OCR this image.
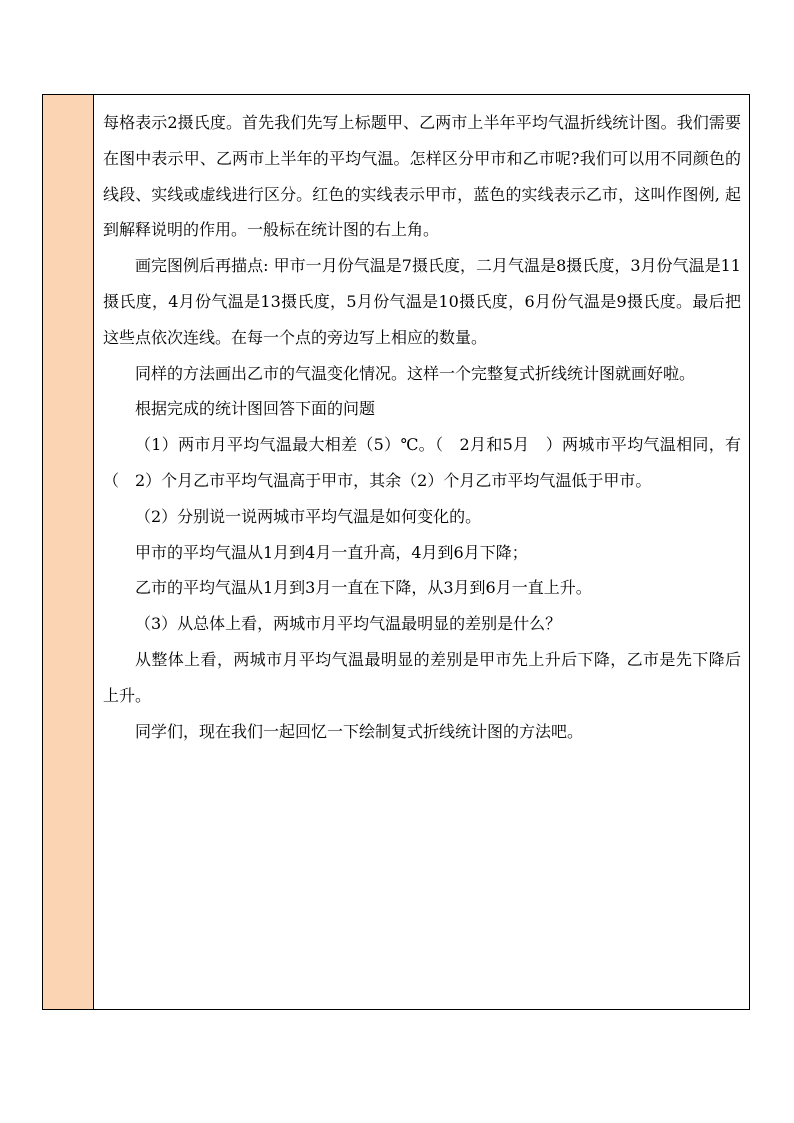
每格表示2摄氏度。首先我们先写上标题甲、乙两市上半年平均气温折线统计图。我们需要在图中表示甲、乙两市上半年的平均气温。怎样区分甲市和乙市呢?我们可以用不同颜色的线段、实线或虚线进行区分。红色的实线表示甲市，蓝色的实线表示乙市，这叫作图例, 起到解释说明的作用。一般标在统计图的右上角。

画完图例后再描点: 甲市一月份气温是7摄氏度，二月气温是8摄氏度，3月份气温是11摄氏度，4月份气温是13摄氏度，5月份气温是10摄氏度，6月份气温是9摄氏度。最后把这些点依次连线。在每一个点的旁边写上相应的数量。

同样的方法画出乙市的气温变化情况。这样一个完整复式折线统计图就画好啦。

根据完成的统计图回答下面的问题

（1）两市月平均气温最大相差（5）℃。（　2月和5月　）两城市平均气温相同，有（　2）个月乙市平均气温高于甲市，其余（2）个月乙市平均气温低于甲市。

（2）分别说一说两城市平均气温是如何变化的。

甲市的平均气温从1月到4月一直升高，4月到6月下降；

乙市的平均气温从1月到3月一直在下降，从3月到6月一直上升。

（3）从总体上看，两城市月平均气温最明显的差别是什么？

从整体上看，两城市月平均气温最明显的差别是甲市先上升后下降，乙市是先下降后上升。

同学们，现在我们一起回忆一下绘制复式折线统计图的方法吧。
